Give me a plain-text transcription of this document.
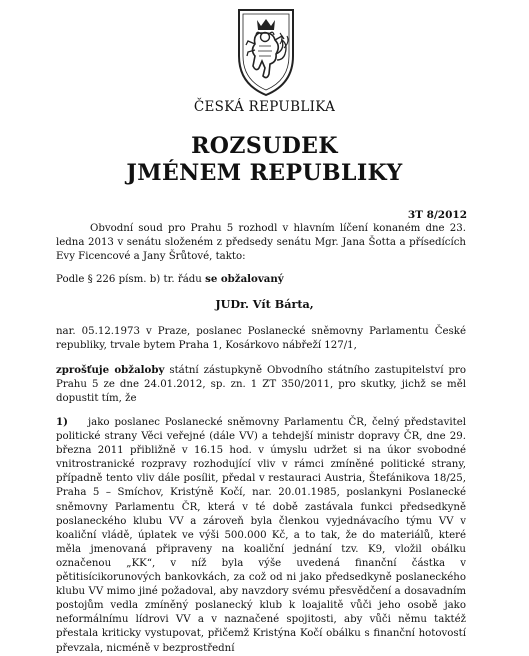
ČESKÁ REPUBLIKA
ROZSUDEK
JMÉNEM REPUBLIKY
3T 8/2012

Obvodní soud pro Prahu 5 rozhodl v hlavním líčení konaném dne 23. ledna 2013 v senátu složeném z předsedy senátu Mgr. Jana Šotta a přísedících Evy Ficencové a Jany Šrůtové, takto:

Podle § 226 písm. b) tr. řádu se obžalovaný

JUDr. Vít Bárta,

nar. 05.12.1973 v Praze, poslanec Poslanecké sněmovny Parlamentu České republiky, trvale bytem Praha 1, Kosárkovo nábřeží 127/1,

zprošťuje obžaloby státní zástupkyně Obvodního státního zastupitelství pro Prahu 5 ze dne 24.01.2012, sp. zn. 1 ZT 350/2011, pro skutky, jichž se měl dopustit tím, že

1) jako poslanec Poslanecké sněmovny Parlamentu ČR, čelný představitel politické strany Věci veřejné (dále VV) a tehdejší ministr dopravy ČR, dne 29. března 2011 přibližně v 16.15 hod. v úmyslu udržet si na úkor svobodné vnitrostranické rozpravy rozhodující vliv v rámci zmíněné politické strany, případně tento vliv dále posílit, předal v restauraci Austria, Štefánikova 18/25, Praha 5 – Smíchov, Kristýně Kočí, nar. 20.01.1985, poslankyni Poslanecké sněmovny Parlamentu ČR, která v té době zastávala funkci předsedkyně poslaneckého klubu VV a zároveň byla členkou vyjednávacího týmu VV v koaliční vládě, úplatek ve výši 500.000 Kč, a to tak, že do materiálů, které měla jmenovaná připraveny na koaliční jednání tzv. K9, vložil obálku označenou „KK“, v níž byla výše uvedená finanční částka v pětitisícikorunových bankovkách, za což od ni jako předsedkyně poslaneckého klubu VV mimo jiné požadoval, aby navzdory svému přesvědčení a dosavadním postojům vedla zmíněný poslanecký klub k loajalitě vůči jeho osobě jako neformálnímu lídrovi VV a v naznačené spojitosti, aby vůči němu taktéž přestala kriticky vystupovat, přičemž Kristýna Kočí obálku s finanční hotovostí převzala, nicméně v bezprostřední
